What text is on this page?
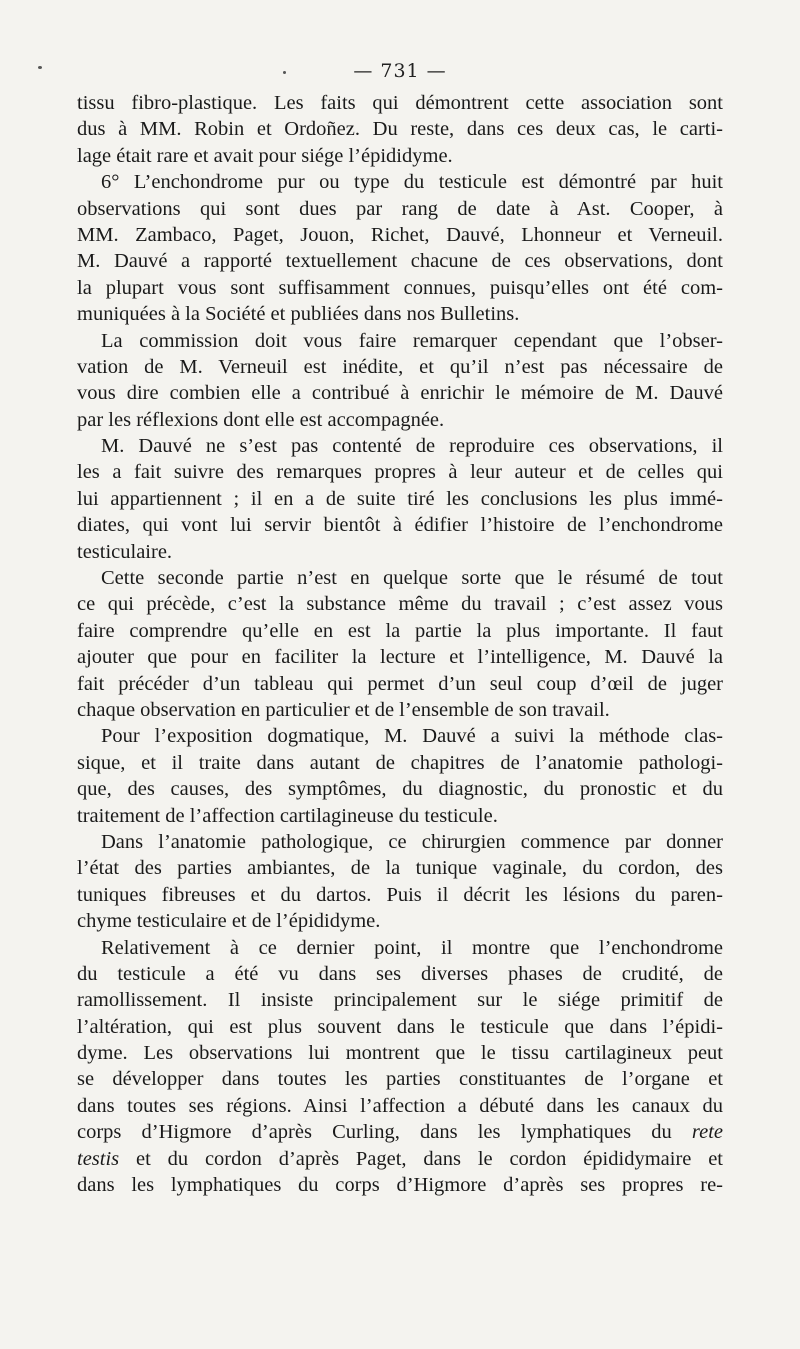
— 731 —
tissu fibro-plastique. Les faits qui démontrent cette association sont
dus à MM. Robin et Ordoñez. Du reste, dans ces deux cas, le carti-
lage était rare et avait pour siége l’épididyme.
6° L’enchondrome pur ou type du testicule est démontré par huit
observations qui sont dues par rang de date à Ast. Cooper, à
MM. Zambaco, Paget, Jouon, Richet, Dauvé, Lhonneur et Verneuil.
M. Dauvé a rapporté textuellement chacune de ces observations, dont
la plupart vous sont suffisamment connues, puisqu’elles ont été com-
muniquées à la Société et publiées dans nos Bulletins.
La commission doit vous faire remarquer cependant que l’obser-
vation de M. Verneuil est inédite, et qu’il n’est pas nécessaire de
vous dire combien elle a contribué à enrichir le mémoire de M. Dauvé
par les réflexions dont elle est accompagnée.
M. Dauvé ne s’est pas contenté de reproduire ces observations, il
les a fait suivre des remarques propres à leur auteur et de celles qui
lui appartiennent ; il en a de suite tiré les conclusions les plus immé-
diates, qui vont lui servir bientôt à édifier l’histoire de l’enchondrome
testiculaire.
Cette seconde partie n’est en quelque sorte que le résumé de tout
ce qui précède, c’est la substance même du travail ; c’est assez vous
faire comprendre qu’elle en est la partie la plus importante. Il faut
ajouter que pour en faciliter la lecture et l’intelligence, M. Dauvé la
fait précéder d’un tableau qui permet d’un seul coup d’œil de juger
chaque observation en particulier et de l’ensemble de son travail.
Pour l’exposition dogmatique, M. Dauvé a suivi la méthode clas-
sique, et il traite dans autant de chapitres de l’anatomie pathologi-
que, des causes, des symptômes, du diagnostic, du pronostic et du
traitement de l’affection cartilagineuse du testicule.
Dans l’anatomie pathologique, ce chirurgien commence par donner
l’état des parties ambiantes, de la tunique vaginale, du cordon, des
tuniques fibreuses et du dartos. Puis il décrit les lésions du paren-
chyme testiculaire et de l’épididyme.
Relativement à ce dernier point, il montre que l’enchondrome
du testicule a été vu dans ses diverses phases de crudité, de
ramollissement. Il insiste principalement sur le siége primitif de
l’altération, qui est plus souvent dans le testicule que dans l’épidi-
dyme. Les observations lui montrent que le tissu cartilagineux peut
se développer dans toutes les parties constituantes de l’organe et
dans toutes ses régions. Ainsi l’affection a débuté dans les canaux du
corps d’Higmore d’après Curling, dans les lymphatiques du rete
testis et du cordon d’après Paget, dans le cordon épididymaire et
dans les lymphatiques du corps d’Higmore d’après ses propres re-
